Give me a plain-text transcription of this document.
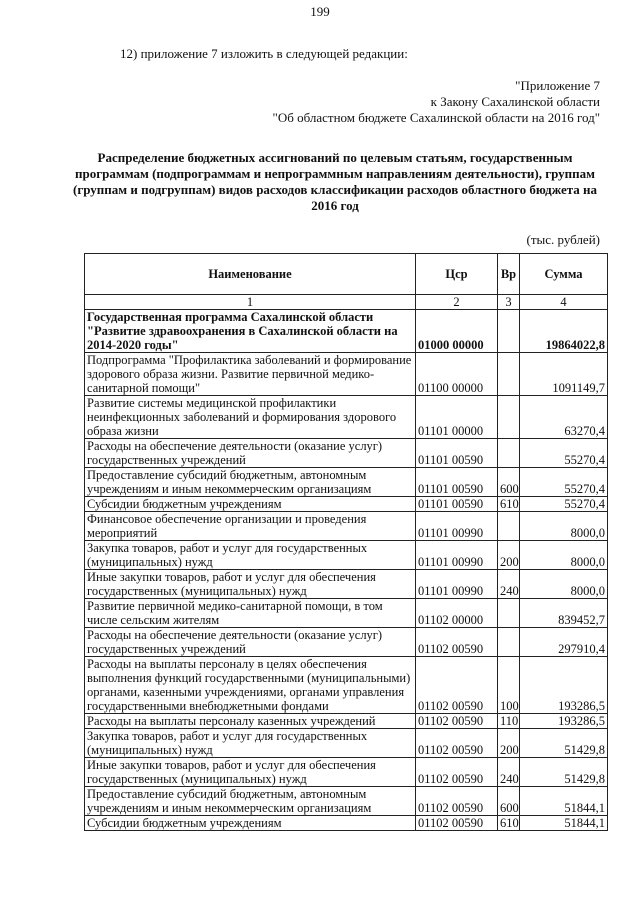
199
12) приложение 7 изложить в следующей редакции:
"Приложение 7
к Закону Сахалинской области
"Об областном бюджете Сахалинской области на 2016 год"
Распределение бюджетных ассигнований по целевым статьям, государственным программам (подпрограммам и непрограммным направлениям деятельности), группам (группам и подгруппам) видов расходов классификации расходов областного бюджета на 2016 год
(тыс. рублей)
Наименование	Цср	Вр	Сумма
1	2	3	4
Государственная программа Сахалинской области "Развитие здравоохранения в Сахалинской области на 2014-2020 годы"	01000 00000		19864022,8
Подпрограмма "Профилактика заболеваний и формирование здорового образа жизни. Развитие первичной медико-санитарной помощи"	01100 00000		1091149,7
Развитие системы медицинской профилактики неинфекционных заболеваний и формирования здорового образа жизни	01101 00000		63270,4
Расходы на обеспечение деятельности (оказание услуг) государственных учреждений	01101 00590		55270,4
Предоставление субсидий бюджетным, автономным учреждениям и иным некоммерческим организациям	01101 00590	600	55270,4
Субсидии бюджетным учреждениям	01101 00590	610	55270,4
Финансовое обеспечение организации и проведения мероприятий	01101 00990		8000,0
Закупка товаров, работ и услуг для государственных (муниципальных) нужд	01101 00990	200	8000,0
Иные закупки товаров, работ и услуг для обеспечения государственных (муниципальных) нужд	01101 00990	240	8000,0
Развитие первичной медико-санитарной помощи, в том числе сельским жителям	01102 00000		839452,7
Расходы на обеспечение деятельности (оказание услуг) государственных учреждений	01102 00590		297910,4
Расходы на выплаты персоналу в целях обеспечения выполнения функций государственными (муниципальными) органами, казенными учреждениями, органами управления государственными внебюджетными фондами	01102 00590	100	193286,5
Расходы на выплаты персоналу казенных учреждений	01102 00590	110	193286,5
Закупка товаров, работ и услуг для государственных (муниципальных) нужд	01102 00590	200	51429,8
Иные закупки товаров, работ и услуг для обеспечения государственных (муниципальных) нужд	01102 00590	240	51429,8
Предоставление субсидий бюджетным, автономным учреждениям и иным некоммерческим организациям	01102 00590	600	51844,1
Субсидии бюджетным учреждениям	01102 00590	610	51844,1
